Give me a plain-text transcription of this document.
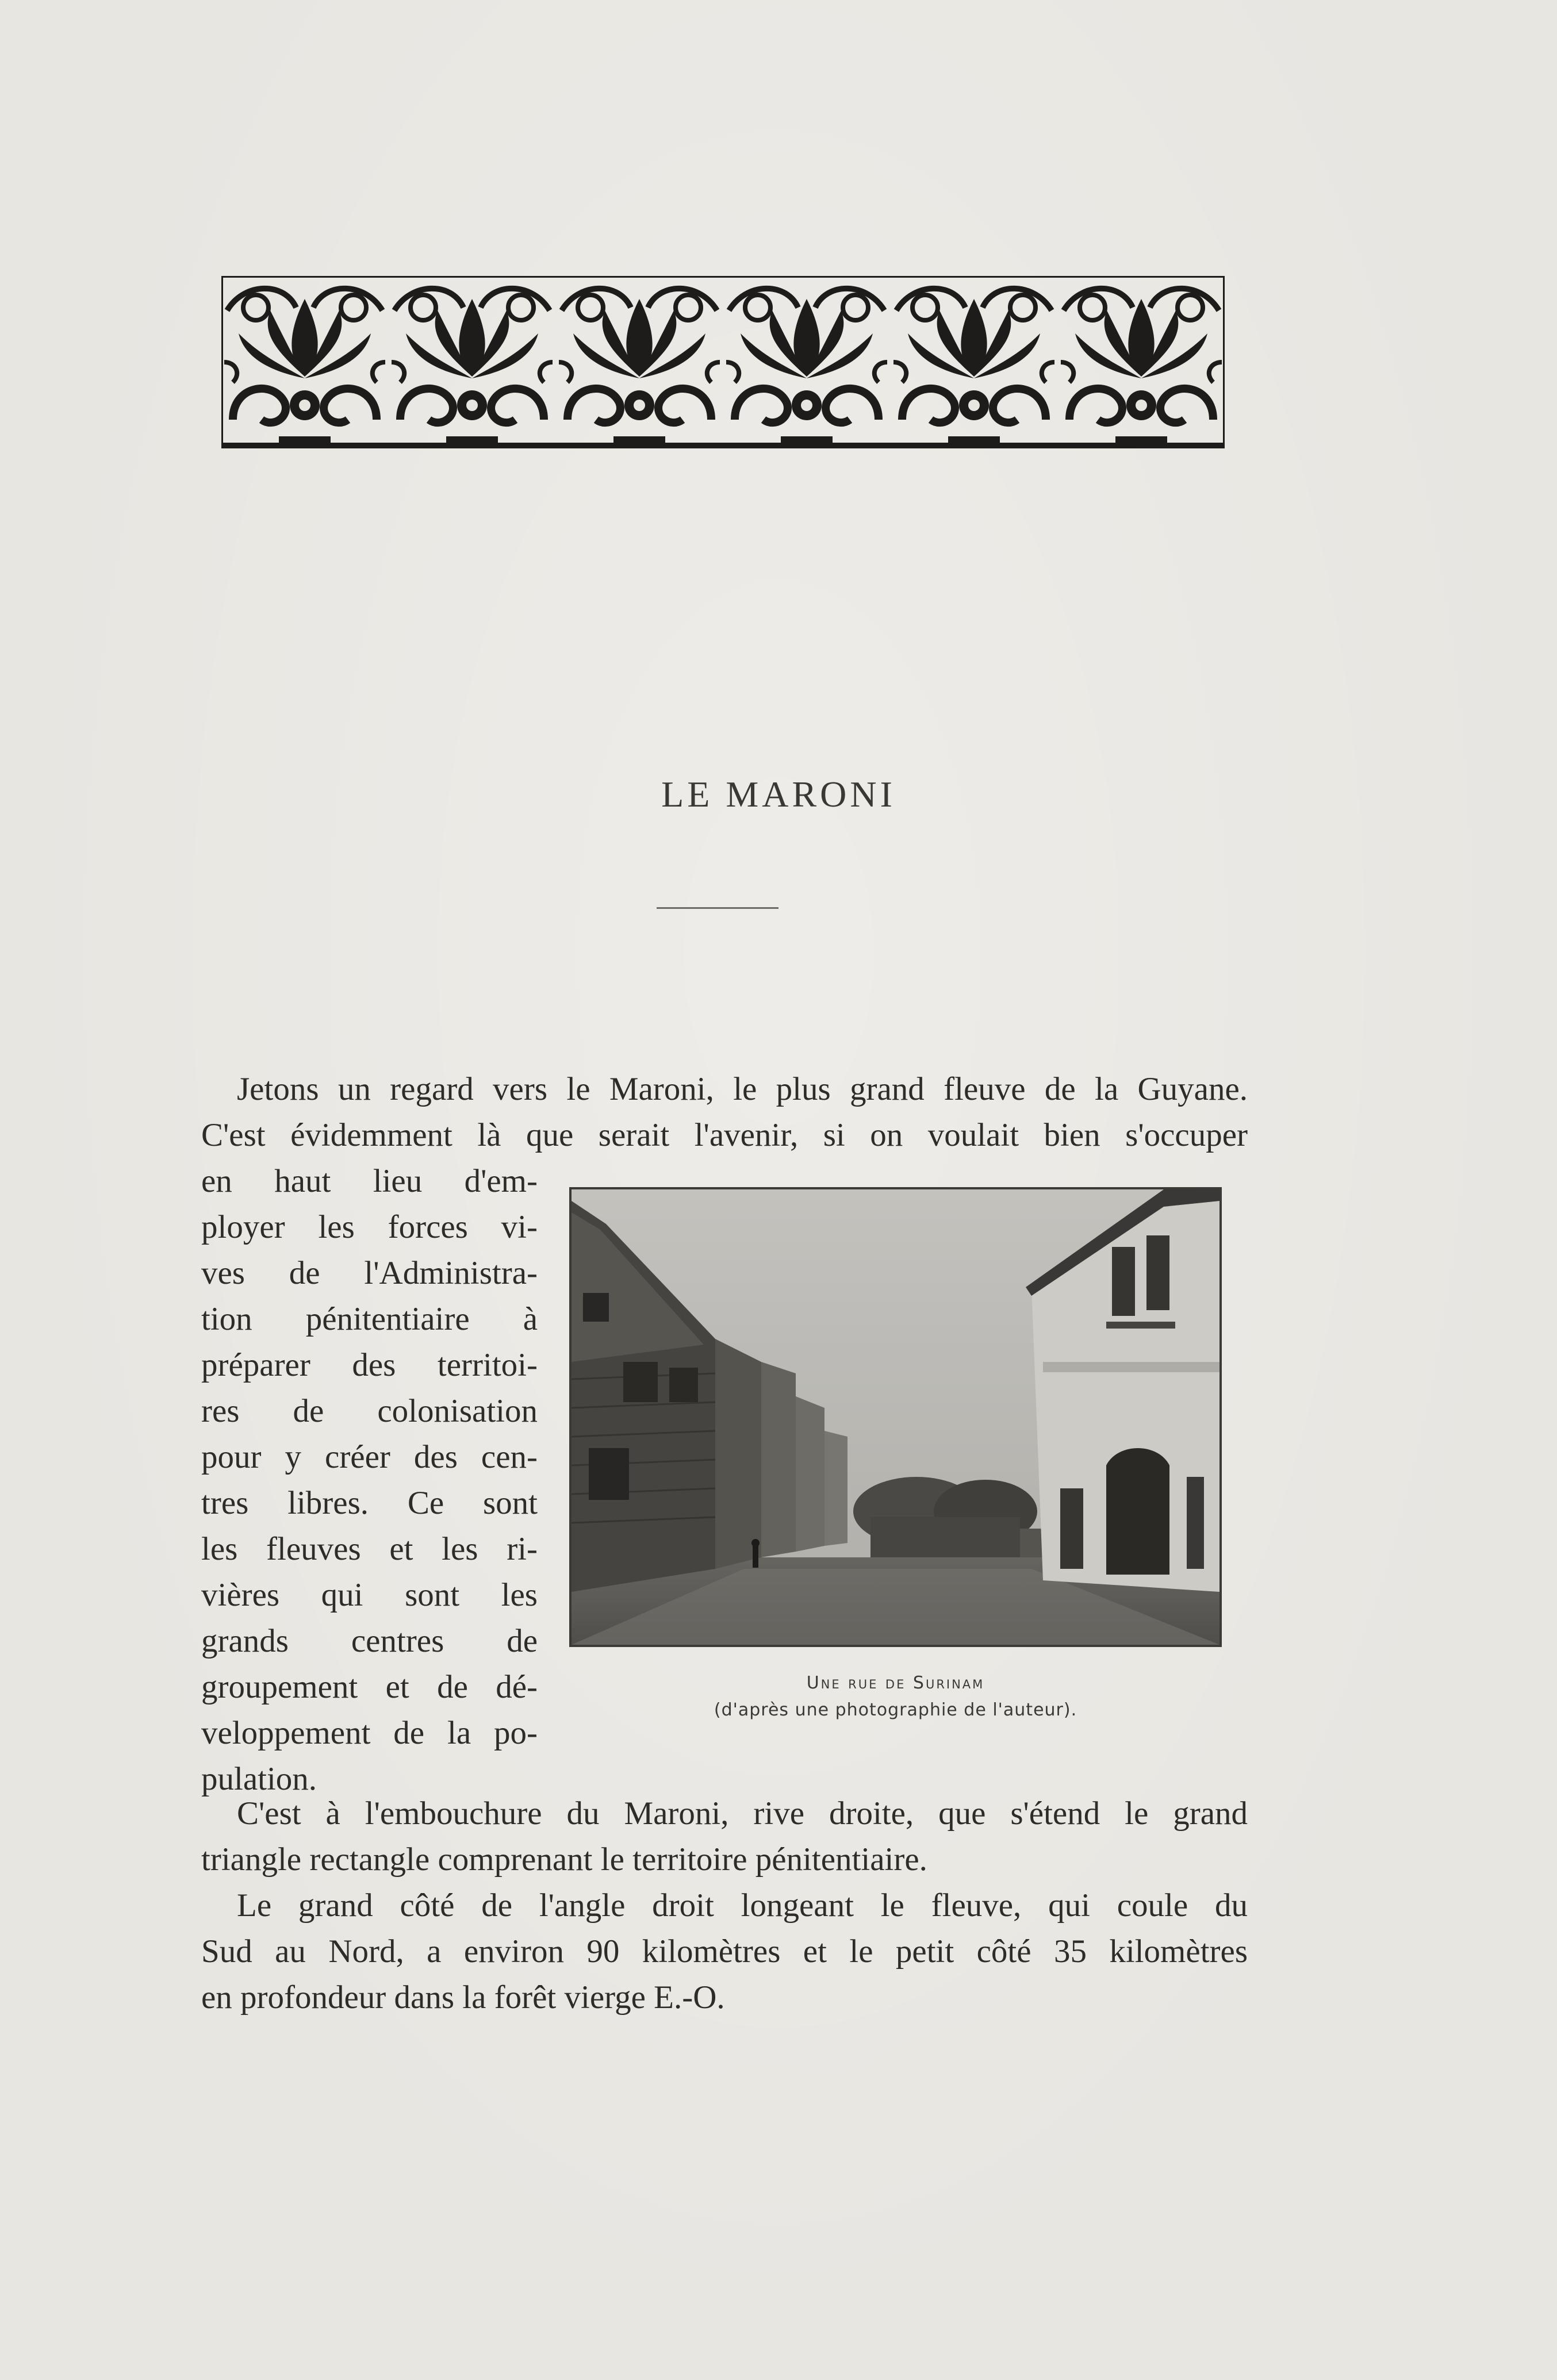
LE MARONI
Jetons un regard vers le Maroni, le plus grand fleuve de la Guyane.
C'est évidemment là que serait l'avenir, si on voulait bien s'occuper
en haut lieu d'em-
ployer les forces vi-
ves de l'Administra-
tion pénitentiaire à
préparer des territoi-
res de colonisation
pour y créer des cen-
tres libres. Ce sont
les fleuves et les ri-
vières qui sont les
grands centres de
groupement et de dé-
veloppement de la po-
pulation.
Une rue de Surinam
(d'après une photographie de l'auteur).
C'est à l'embouchure du Maroni, rive droite, que s'étend le grand
triangle rectangle comprenant le territoire pénitentiaire.
Le grand côté de l'angle droit longeant le fleuve, qui coule du
Sud au Nord, a environ 90 kilomètres et le petit côté 35 kilomètres
en profondeur dans la forêt vierge E.-O.
